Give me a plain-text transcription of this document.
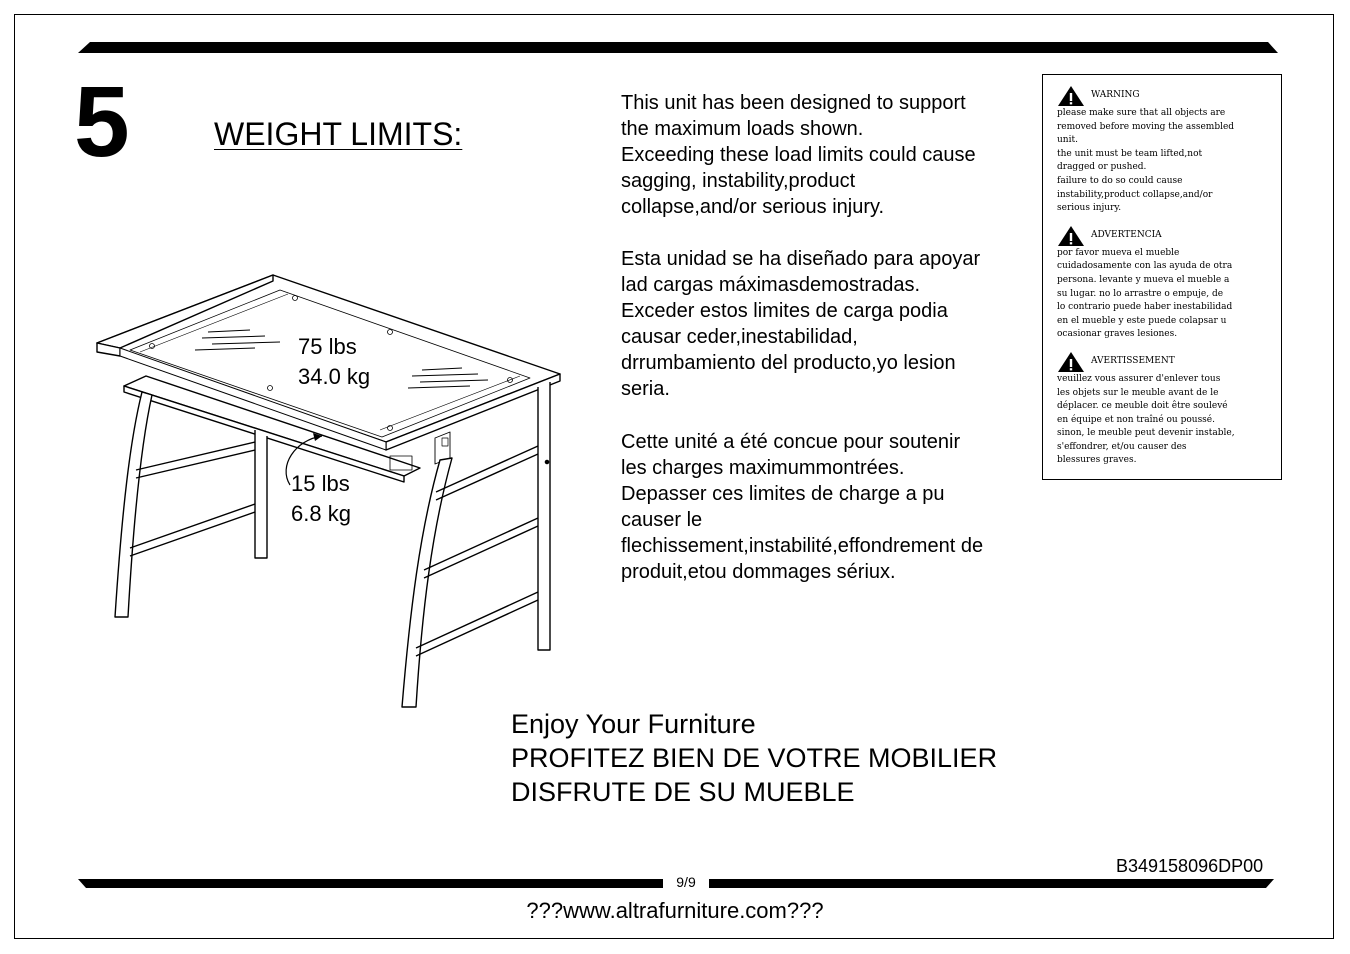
5	WEIGHT LIMITS:

This unit has been designed to support

the maximum loads shown.

Exceeding these load limits could cause

sagging, instability,product

collapse,and/or serious injury.

Esta unidad se ha diseñado para apoyar

lad cargas máximasdemostradas.

Exceder estos limites de carga podia

causar ceder,inestabilidad,

drrumbamiento del producto,yo lesion

seria.

Cette unité a été concue pour soutenir

les charges maximummontrées.

Depasser ces limites de charge a pu

causer le

flechissement,instabilité,effondrement de

produit,etou dommages sériux.

WARNING

please make sure that all objects are

removed before moving the assembled

unit.

the unit must be team lifted,not

dragged or pushed.

failure to do so could cause

instability,product collapse,and/or

serious injury.

ADVERTENCIA

por favor mueva el mueble

cuidadosamente con las ayuda de otra

persona. levante y mueva el mueble a

su lugar. no lo arrastre o empuje, de

lo contrario puede haber inestabilidad

en el mueble y este puede colapsar u

ocasionar graves lesiones.

AVERTISSEMENT

veuillez vous assurer d'enlever tous

les objets sur le meuble avant de le

déplacer. ce meuble doit être soulevé

en équipe et non traîné ou poussé.

sinon, le meuble peut devenir instable,

s'effondrer, et/ou causer des

blessures graves.

75 lbs
34.0 kg
15 lbs
6.8 kg
Enjoy Your Furniture
PROFITEZ BIEN DE VOTRE MOBILIER
DISFRUTE DE SU MUEBLE
B349158096DP00
9/9
???www.altrafurniture.com???
